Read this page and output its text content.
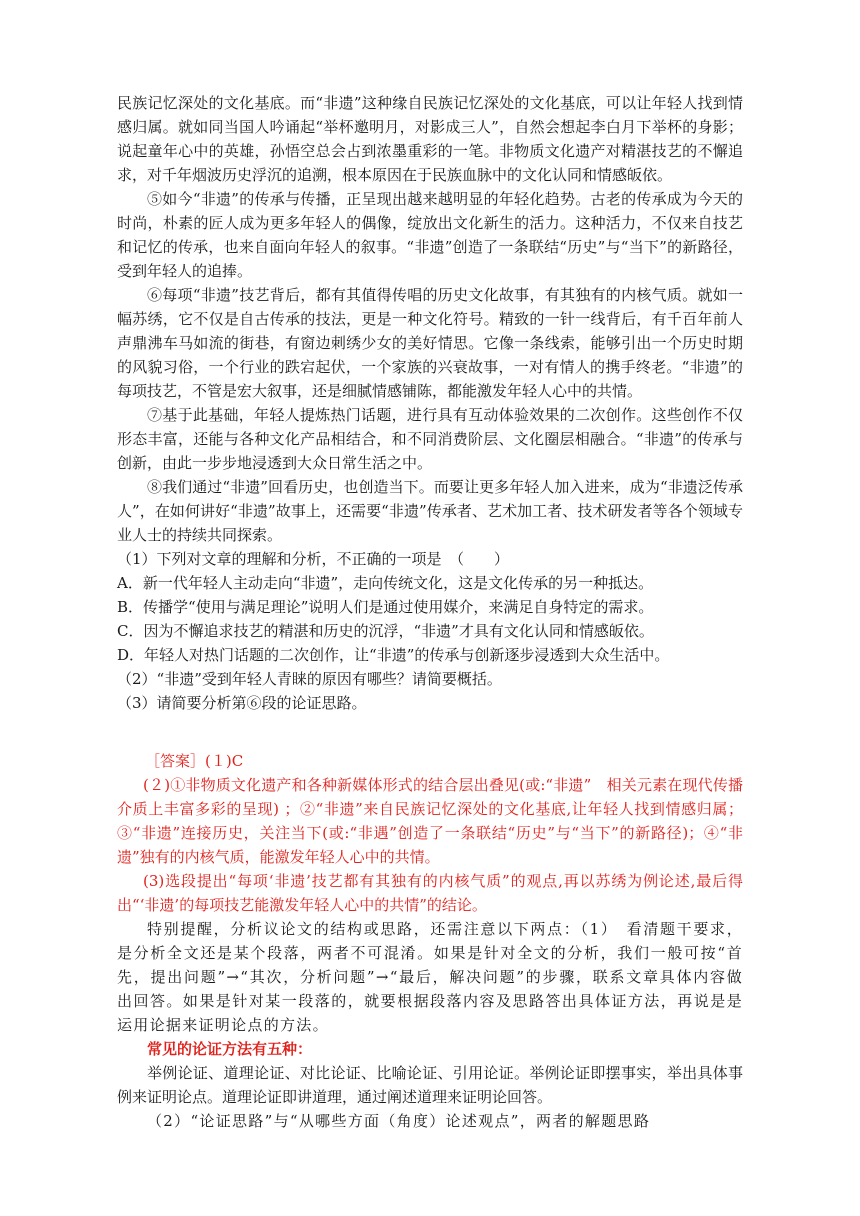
民族记忆深处的文化基底。而“非遗”这种缘自民族记忆深处的文化基底，可以让年轻人找到情感归属。就如同当国人吟诵起“举杯邀明月，对影成三人”，自然会想起李白月下举杯的身影；说起童年心中的英雄，孙悟空总会占到浓墨重彩的一笔。非物质文化遗产对精湛技艺的不懈追求，对千年烟波历史浮沉的追溯，根本原因在于民族血脉中的文化认同和情感皈依。

⑤如今“非遗”的传承与传播，正呈现出越来越明显的年轻化趋势。古老的传承成为今天的时尚，朴素的匠人成为更多年轻人的偶像，绽放出文化新生的活力。这种活力，不仅来自技艺和记忆的传承，也来自面向年轻人的叙事。“非遗”创造了一条联结“历史”与“当下”的新路径，受到年轻人的追捧。

⑥每项“非遗”技艺背后，都有其值得传唱的历史文化故事，有其独有的内核气质。就如一幅苏绣，它不仅是自古传承的技法，更是一种文化符号。精致的一针一线背后，有千百年前人声鼎沸车马如流的街巷，有窗边刺绣少女的美好情思。它像一条线索，能够引出一个历史时期的风貌习俗，一个行业的跌宕起伏，一个家族的兴衰故事，一对有情人的携手终老。“非遗”的每项技艺，不管是宏大叙事，还是细腻情感铺陈，都能激发年轻人心中的共情。

⑦基于此基础，年轻人提炼热门话题，进行具有互动体验效果的二次创作。这些创作不仅形态丰富，还能与各种文化产品相结合，和不同消费阶层、文化圈层相融合。“非遗”的传承与创新，由此一步步地浸透到大众日常生活之中。

⑧我们通过“非遗”回看历史，也创造当下。而要让更多年轻人加入进来，成为“非遗泛传承人”，在如何讲好“非遗”故事上，还需要“非遗”传承者、艺术加工者、技术研发者等各个领域专业人士的持续共同探索。

（1）下列对文章的理解和分析，不正确的一项是　（　　）

A．新一代年轻人主动走向“非遗”，走向传统文化，这是文化传承的另一种抵达。

B．传播学“使用与满足理论”说明人们是通过使用媒介，来满足自身特定的需求。

C．因为不懈追求技艺的精湛和历史的沉浮，“非遗”才具有文化认同和情感皈依。

D．年轻人对热门话题的二次创作，让“非遗”的传承与创新逐步浸透到大众生活中。

（2）“非遗”受到年轻人青睐的原因有哪些？请简要概括。

（3）请简要分析第⑥段的论证思路。

［答案］(１)C

(２)①非物质文化遗产和各种新媒体形式的结合层出叠见(或:“非遗”　相关元素在现代传播介质上丰富多彩的呈现) ；②“非遗”来自民族记忆深处的文化基底,让年轻人找到情感归属；③“非遗”连接历史，关注当下(或:“非遇”创造了一条联结“历史”与“当下”的新路径)；④“非遗”独有的内核气质，能激发年轻人心中的共情。

(3)选段提出“每项‘非遗’技艺都有其独有的内核气质”的观点,再以苏绣为例论述,最后得出“‘非遗’的每项技艺能激发年轻人心中的共情”的结论。

特别提醒，分析议论文的结构或思路，还需注意以下两点：（1）　看清题干要求，是分析全文还是某个段落，两者不可混淆。如果是针对全文的分析，我们一般可按“首先，提出问题”→“其次，分析问题”→“最后，解决问题”的步骤，联系文章具体内容做出回答。如果是针对某一段落的，就要根据段落内容及思路答出具体证方法，再说是是运用论据来证明论点的方法。

常见的论证方法有五种：

举例论证、道理论证、对比论证、比喻论证、引用论证。举例论证即摆事实，举出具体事例来证明论点。道理论证即讲道理，通过阐述道理来证明论回答。

（2）“论证思路”与“从哪些方面（角度）论述观点”，两者的解题思路
